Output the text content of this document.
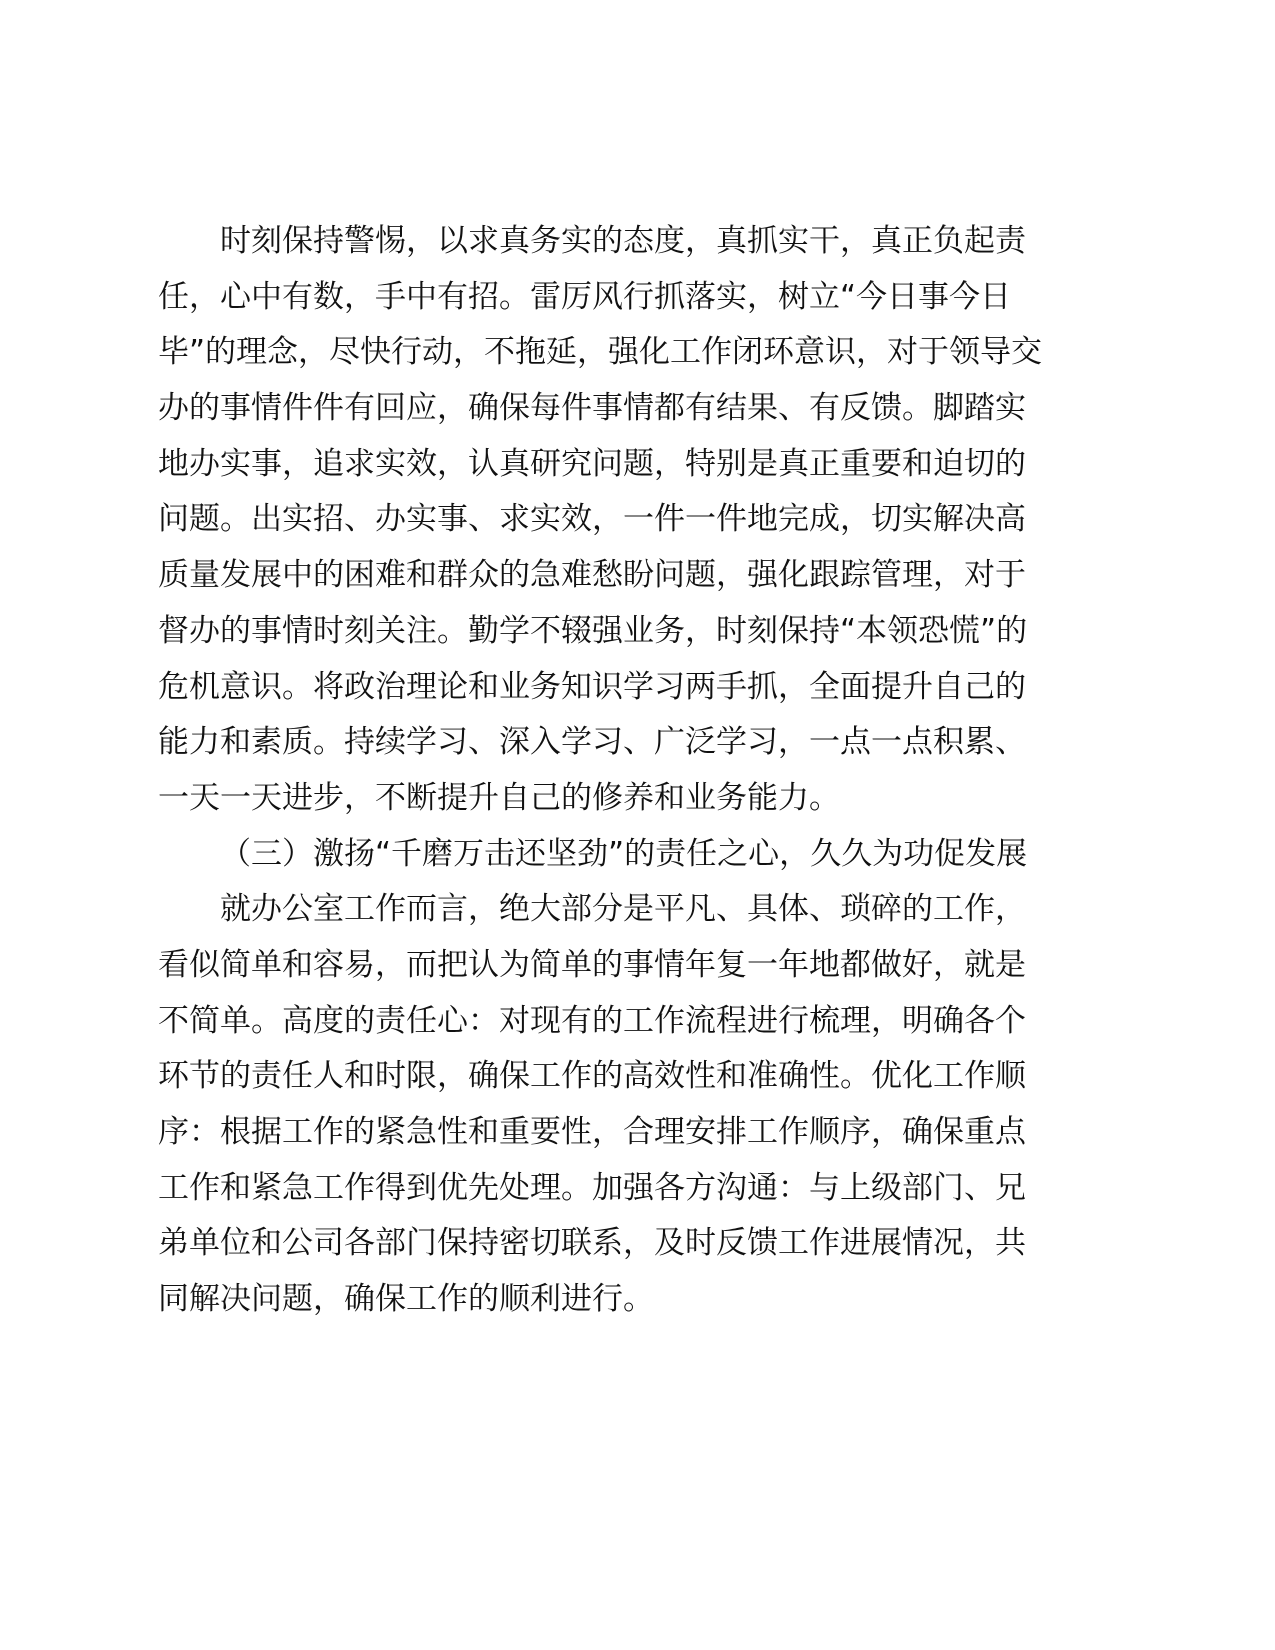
时刻保持警惕，以求真务实的态度，真抓实干，真正负起责
任，心中有数，手中有招。雷厉风行抓落实，树立“今日事今日
毕”的理念，尽快行动，不拖延，强化工作闭环意识，对于领导交
办的事情件件有回应，确保每件事情都有结果、有反馈。脚踏实
地办实事，追求实效，认真研究问题，特别是真正重要和迫切的
问题。出实招、办实事、求实效，一件一件地完成，切实解决高
质量发展中的困难和群众的急难愁盼问题，强化跟踪管理，对于
督办的事情时刻关注。勤学不辍强业务，时刻保持“本领恐慌”的
危机意识。将政治理论和业务知识学习两手抓，全面提升自己的
能力和素质。持续学习、深入学习、广泛学习，一点一点积累、
一天一天进步，不断提升自己的修养和业务能力。
（三）激扬“千磨万击还坚劲”的责任之心，久久为功促发展
就办公室工作而言，绝大部分是平凡、具体、琐碎的工作，
看似简单和容易，而把认为简单的事情年复一年地都做好，就是
不简单。高度的责任心：对现有的工作流程进行梳理，明确各个
环节的责任人和时限，确保工作的高效性和准确性。优化工作顺
序：根据工作的紧急性和重要性，合理安排工作顺序，确保重点
工作和紧急工作得到优先处理。加强各方沟通：与上级部门、兄
弟单位和公司各部门保持密切联系，及时反馈工作进展情况，共
同解决问题，确保工作的顺利进行。
